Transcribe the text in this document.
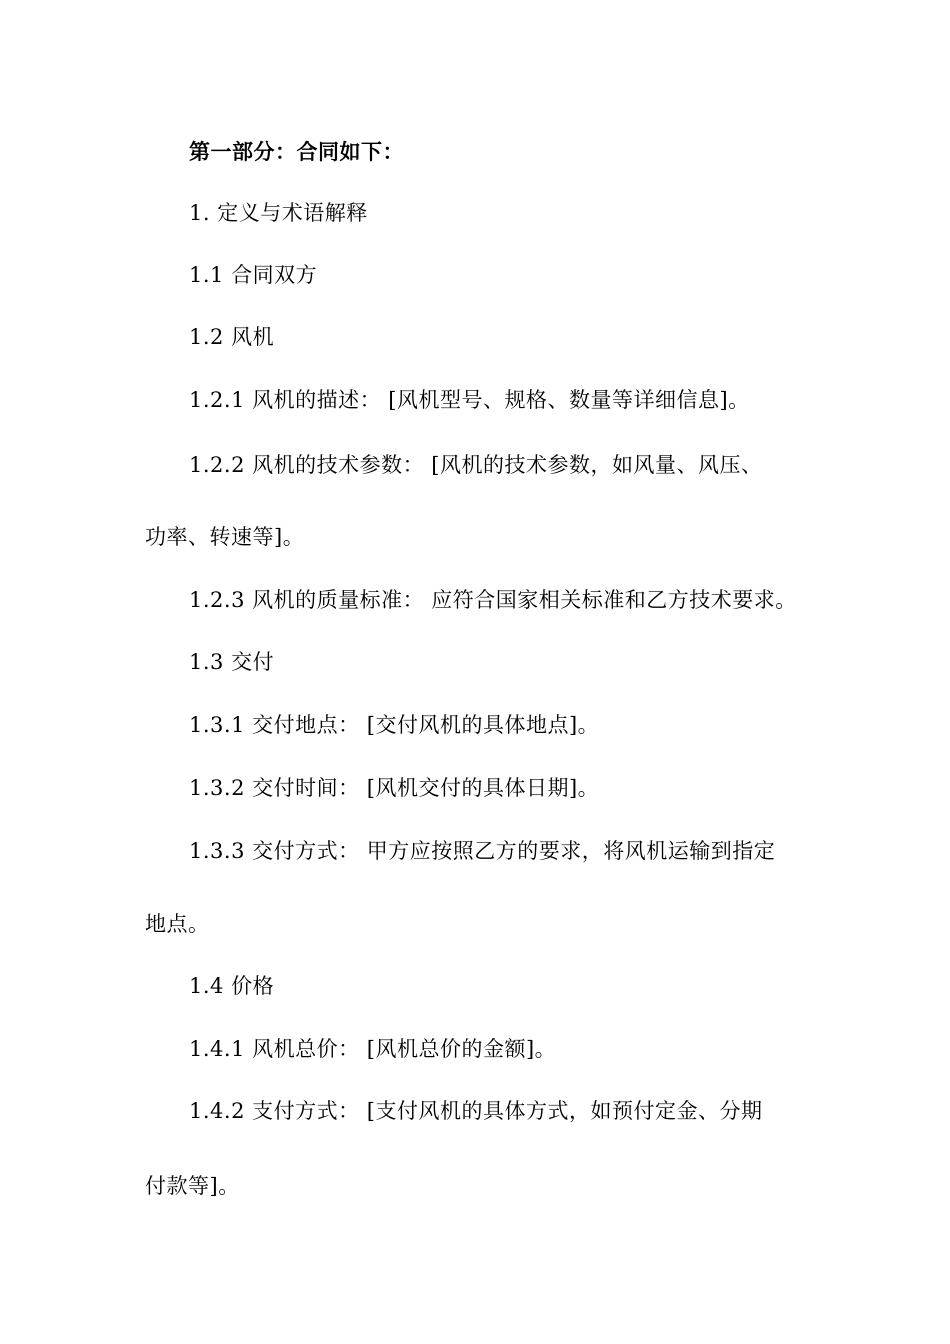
第一部分：合同如下：
1. 定义与术语解释
1.1 合同双方
1.2 风机
1.2.1 风机的描述： [风机型号、规格、数量等详细信息]。
1.2.2 风机的技术参数： [风机的技术参数，如风量、风压、
功率、转速等]。
1.2.3 风机的质量标准： 应符合国家相关标准和乙方技术要求。
1.3 交付
1.3.1 交付地点： [交付风机的具体地点]。
1.3.2 交付时间： [风机交付的具体日期]。
1.3.3 交付方式： 甲方应按照乙方的要求，将风机运输到指定
地点。
1.4 价格
1.4.1 风机总价： [风机总价的金额]。
1.4.2 支付方式： [支付风机的具体方式，如预付定金、分期
付款等]。
